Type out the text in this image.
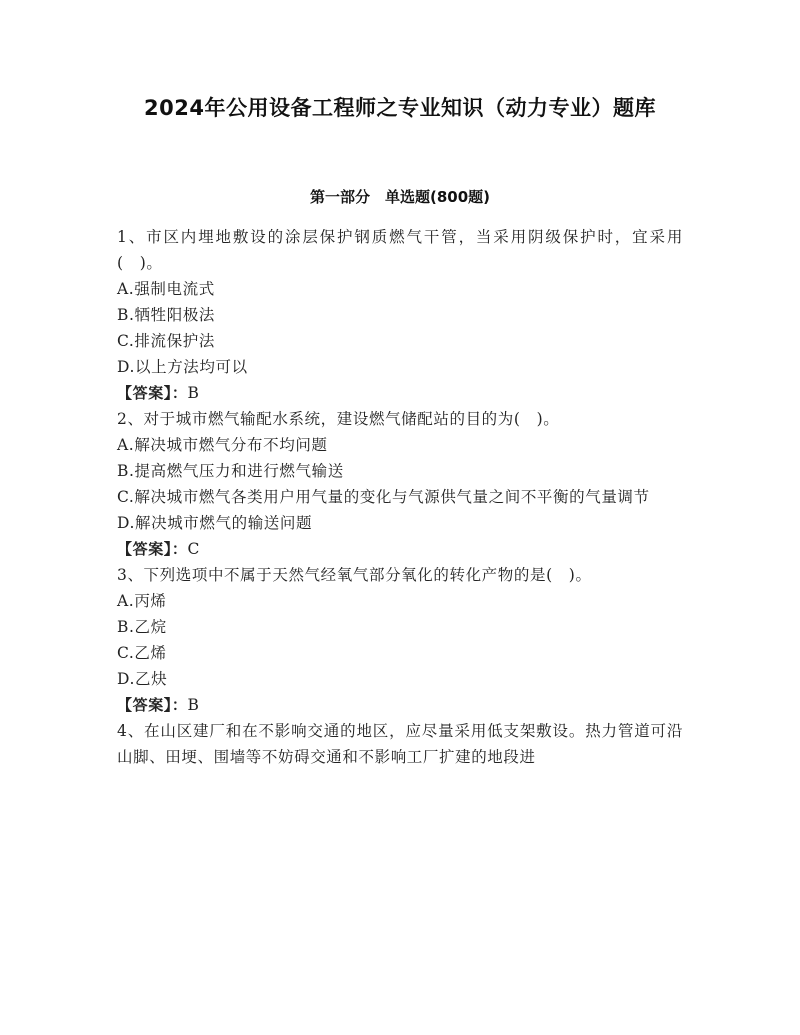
2024年公用设备工程师之专业知识（动力专业）题库
第一部分　单选题(800题)

1、市区内埋地敷设的涂层保护钢质燃气干管，当采用阴级保护时，宜采用(　)。

A.强制电流式

B.牺牲阳极法

C.排流保护法

D.以上方法均可以

【答案】：B

2、对于城市燃气输配水系统，建设燃气储配站的目的为(　)。

A.解决城市燃气分布不均问题

B.提高燃气压力和进行燃气输送

C.解决城市燃气各类用户用气量的变化与气源供气量之间不平衡的气量调节

D.解决城市燃气的输送问题

【答案】：C

3、下列选项中不属于天然气经氧气部分氧化的转化产物的是(　)。

A.丙烯

B.乙烷

C.乙烯

D.乙炔

【答案】：B

4、在山区建厂和在不影响交通的地区，应尽量采用低支架敷设。热力管道可沿山脚、田埂、围墙等不妨碍交通和不影响工厂扩建的地段进
